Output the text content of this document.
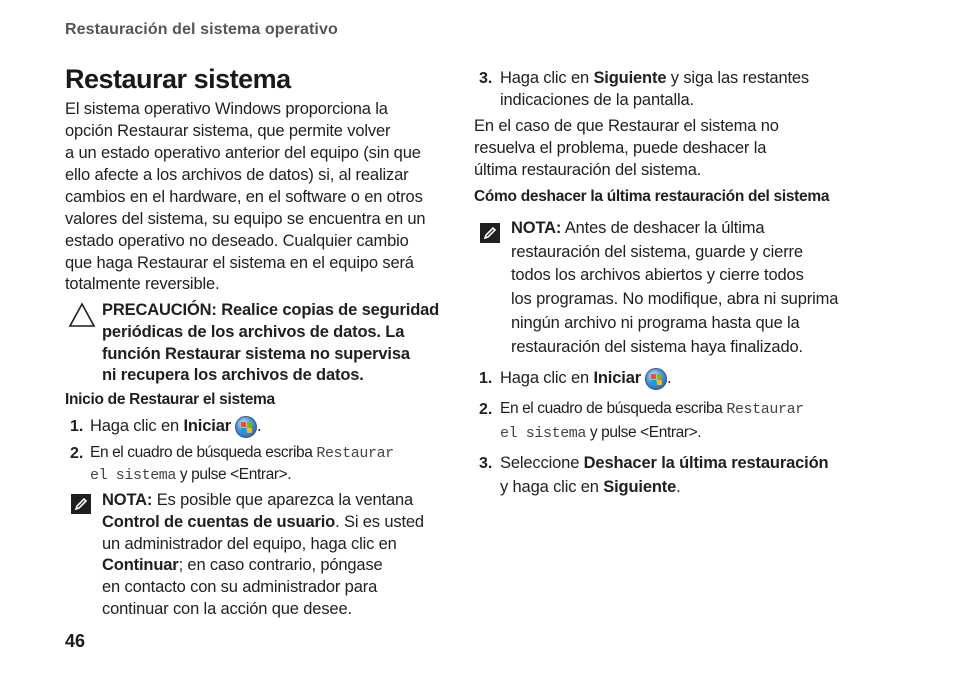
Restauración del sistema operativo
Restaurar sistema
El sistema operativo Windows proporciona la
opción Restaurar sistema, que permite volver
a un estado operativo anterior del equipo (sin que
ello afecte a los archivos de datos) si, al realizar
cambios en el hardware, en el software o en otros
valores del sistema, su equipo se encuentra en un
estado operativo no deseado. Cualquier cambio
que haga Restaurar el sistema en el equipo será
totalmente reversible.
PRECAUCIÓN: Realice copias de seguridad
periódicas de los archivos de datos. La
función Restaurar sistema no supervisa
ni recupera los archivos de datos.
Inicio de Restaurar el sistema
1. Haga clic en Iniciar .
2. En el cuadro de búsqueda escriba Restaurar
el sistema y pulse <Entrar>.
NOTA: Es posible que aparezca la ventana
Control de cuentas de usuario. Si es usted
un administrador del equipo, haga clic en
Continuar; en caso contrario, póngase
en contacto con su administrador para
continuar con la acción que desee.
3. Haga clic en Siguiente y siga las restantes
indicaciones de la pantalla.
En el caso de que Restaurar el sistema no
resuelva el problema, puede deshacer la
última restauración del sistema.
Cómo deshacer la última restauración del sistema
NOTA: Antes de deshacer la última
restauración del sistema, guarde y cierre
todos los archivos abiertos y cierre todos
los programas. No modifique, abra ni suprima
ningún archivo ni programa hasta que la
restauración del sistema haya finalizado.
1. Haga clic en Iniciar .
2. En el cuadro de búsqueda escriba Restaurar
el sistema y pulse <Entrar>.
3. Seleccione Deshacer la última restauración
y haga clic en Siguiente.
46
